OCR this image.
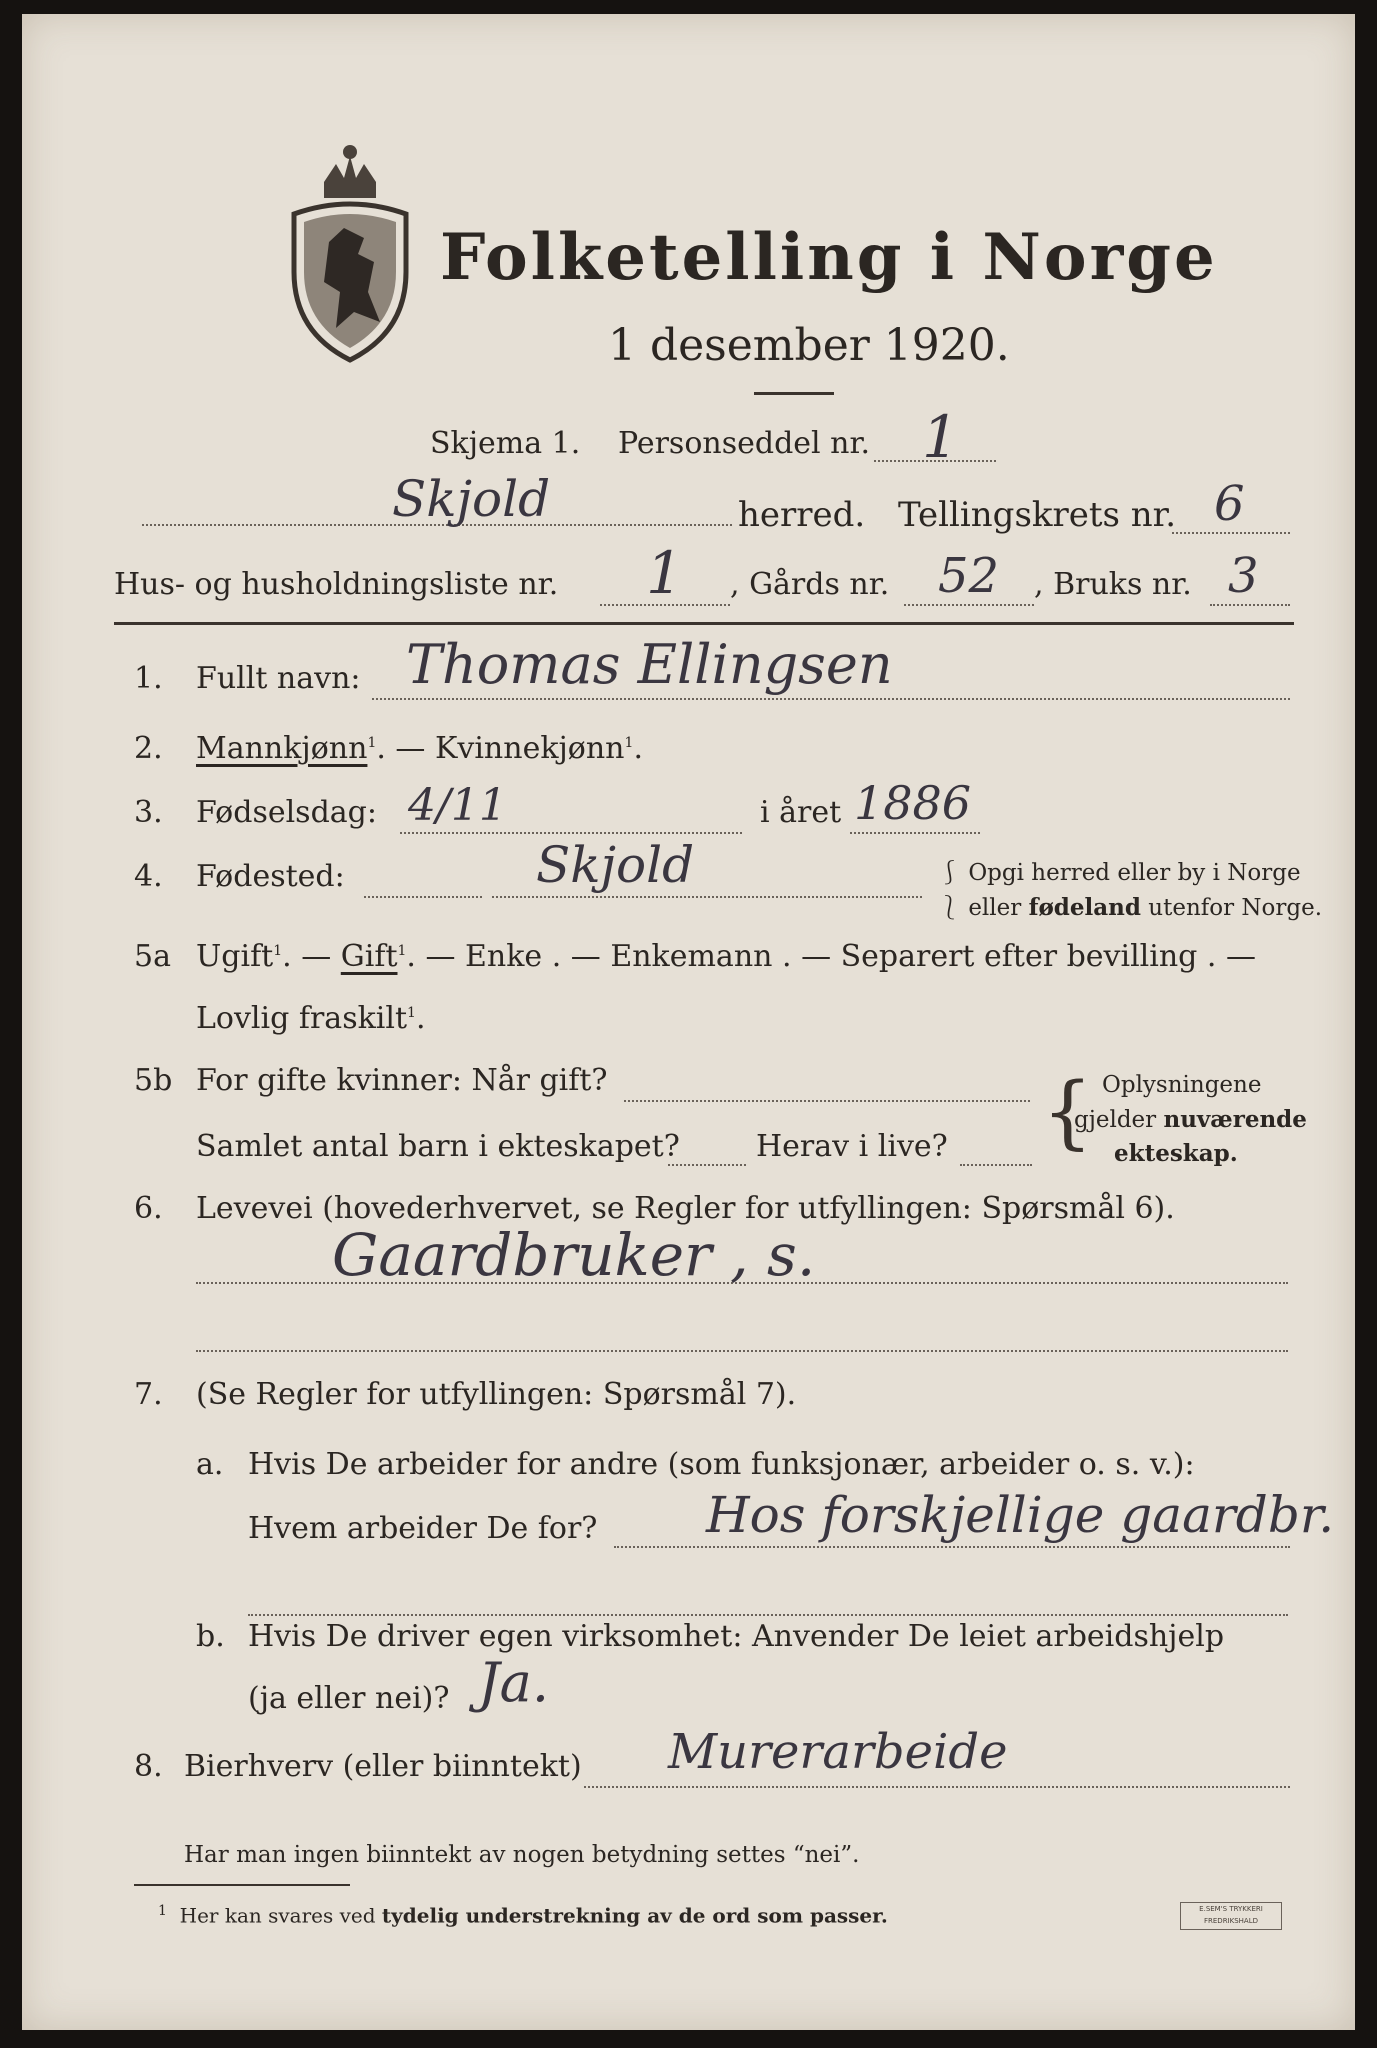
Folketelling i Norge
1 desember 1920.
Skjema 1. Personseddel nr. 1
Skjold	herred. Tellingskrets nr. 6
Hus- og husholdningsliste nr. 1 , Gårds nr. 52 , Bruks nr. 3
1. Fullt navn: Thomas Ellingsen
2. Mannkjønn$^1$. — Kvinnekjønn$^1$.
3. Fødselsdag: 4/11	i året 1886
4. Fødested:	Skjold	⎰ Opgi herred eller by i Norge
⎱ eller fødeland utenfor Norge.
5a Ugift$^1$. — Gift$^1$. — Enke . — Enkemann . — Separert efter bevilling . —
Lovlig fraskilt$^1$.
5b For gifte kvinner: Når gift?
Samlet antal barn i ekteskapet?	Herav i live? { Oplysningene
gjelder nuværende
ekteskap.
6. Levevei (hovederhvervet, se Regler for utfyllingen: Spørsmål 6).
Gaardbruker , s.
7. (Se Regler for utfyllingen: Spørsmål 7).
a. Hvis De arbeider for andre (som funksjonær, arbeider o. s. v.):
Hvem arbeider De for? Hos forskjellige gaardbr.
b. Hvis De driver egen virksomhet: Anvender De leiet arbeidshjelp
(ja eller nei)? Ja.
8. Bierhverv (eller biinntekt) Murerarbeide
Har man ingen biinntekt av nogen betydning settes “nei”.
$^1$ Her kan svares ved tydelig understrekning av de ord som passer.	E.SEM'S TRYKKERI
FREDRIKSHALD
